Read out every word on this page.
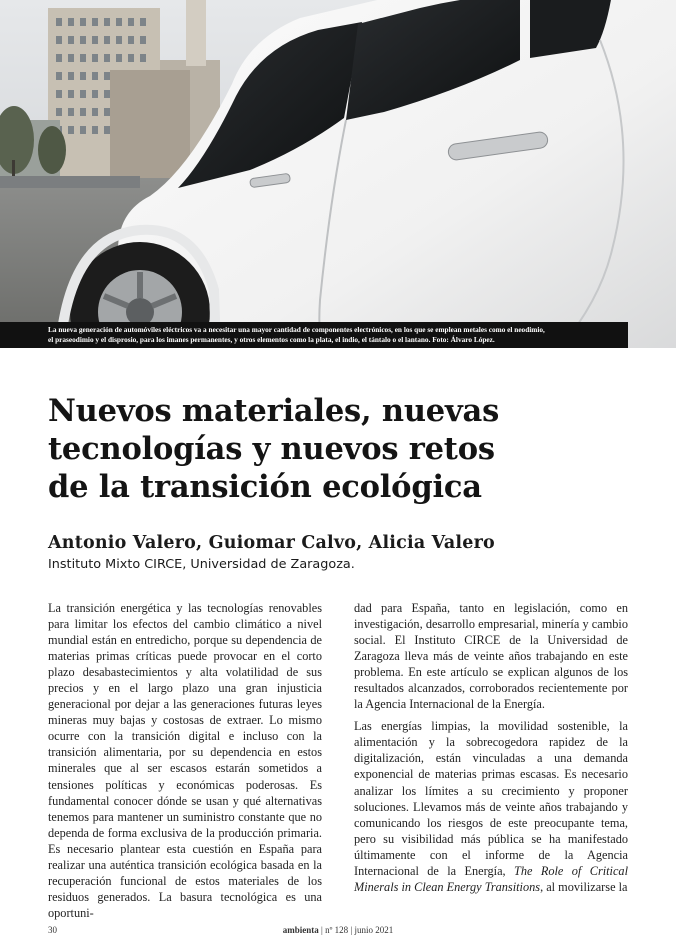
La nueva generación de automóviles eléctricos va a necesitar una mayor cantidad de componentes electrónicos, en los que se emplean metales como el neodimio,
el praseodimio y el disprosio, para los imanes permanentes, y otros elementos como la plata, el indio, el tántalo o el lantano. Foto: Álvaro López.
Nuevos materiales, nuevas
tecnologías y nuevos retos
de la transición ecológica

Antonio Valero, Guiomar Calvo, Alicia Valero

Instituto Mixto CIRCE, Universidad de Zaragoza.

La transición energética y las tecnologías renovables para limitar los efectos del cambio climático a nivel mundial están en entredicho, porque su dependencia de materias primas críticas puede provocar en el corto plazo desabastecimientos y alta volatilidad de sus precios y en el largo plazo una gran injusticia generacional por dejar a las generaciones futuras leyes mineras muy bajas y costosas de extraer. Lo mismo ocurre con la transición digital e incluso con la transición alimentaria, por su dependencia en estos minerales que al ser escasos estarán sometidos a tensiones políticas y económicas poderosas. Es fundamental conocer dónde se usan y qué alternativas tenemos para mantener un suministro constante que no dependa de forma exclusiva de la producción primaria. Es necesario plantear esta cuestión en España para realizar una auténtica transición ecológica basada en la recuperación funcional de estos materiales de los residuos generados. La basura tecnológica es una oportuni-

dad para España, tanto en legislación, como en investigación, desarrollo empresarial, minería y cambio social. El Instituto CIRCE de la Universidad de Zaragoza lleva más de veinte años trabajando en este problema. En este artículo se explican algunos de los resultados alcanzados, corroborados recientemente por la Agencia Internacional de la Energía.

Las energías limpias, la movilidad sostenible, la alimentación y la sobrecogedora rapidez de la digitalización, están vinculadas a una demanda exponencial de materias primas escasas. Es necesario analizar los límites a su crecimiento y proponer soluciones. Llevamos más de veinte años trabajando y comunicando los riesgos de este preocupante tema, pero su visibilidad más pública se ha manifestado últimamente con el informe de la Agencia Internacional de la Energía, The Role of Critical Minerals in Clean Energy Transitions, al movilizarse la

30	ambienta | nº 128 | junio 2021
